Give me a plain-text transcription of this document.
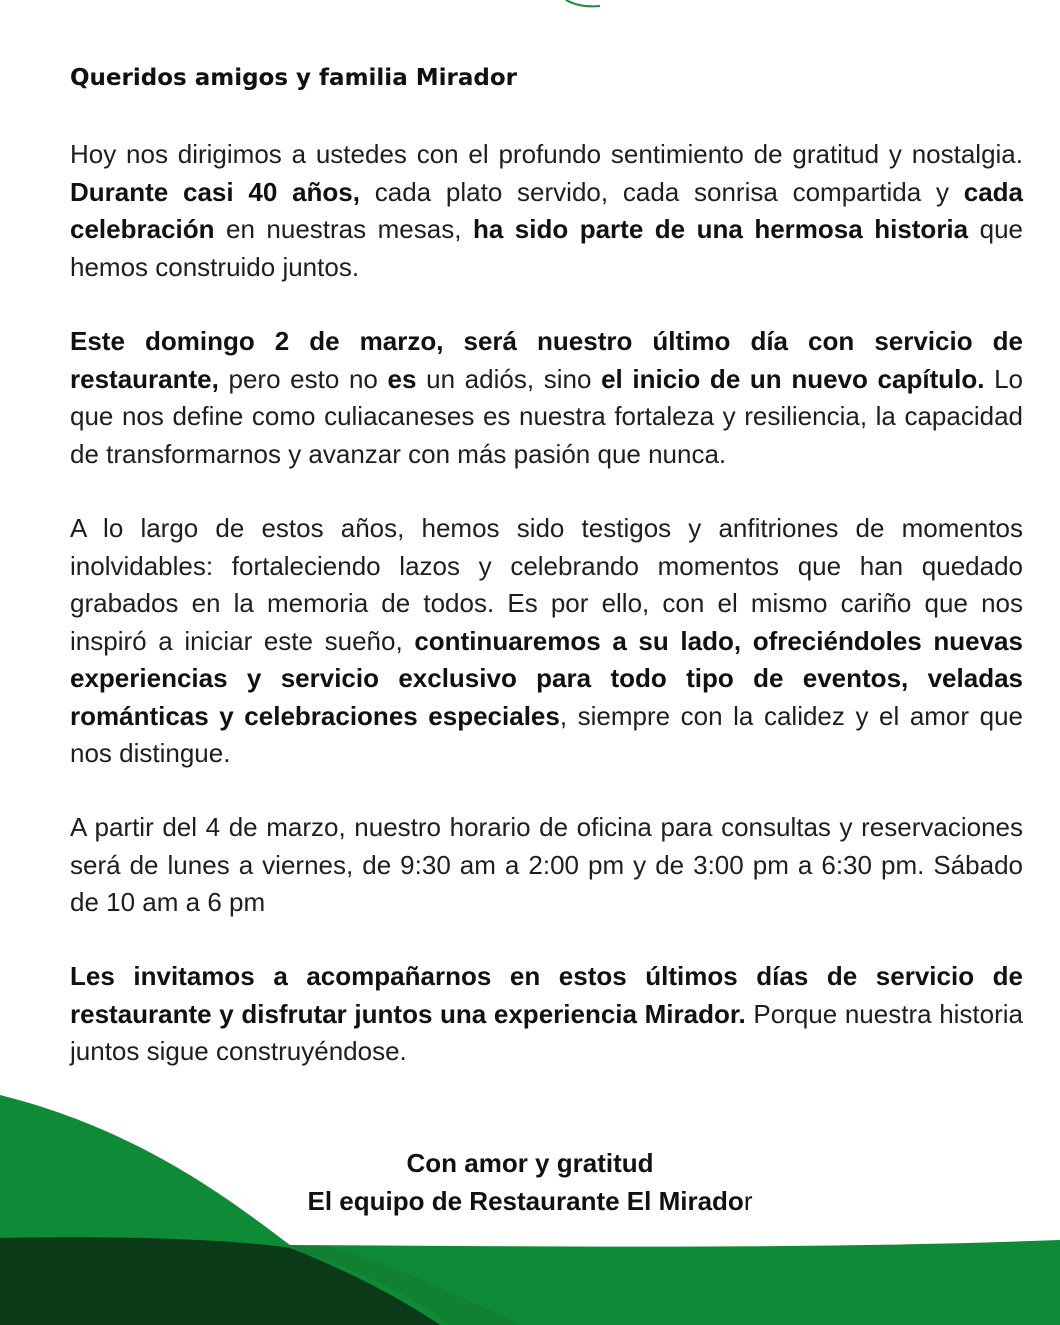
Queridos amigos y familia Mirador

Hoy nos dirigimos a ustedes con el profundo sentimiento de gratitud y nostalgia. Durante casi 40 años, cada plato servido, cada sonrisa compartida y cada celebración en nuestras mesas, ha sido parte de una hermosa historia que hemos construido juntos.

Este domingo 2 de marzo, será nuestro último día con servicio de restaurante, pero esto no es un adiós, sino el inicio de un nuevo capítulo. Lo que nos define como culiacaneses es nuestra fortaleza y resiliencia, la capacidad de transformarnos y avanzar con más pasión que nunca.

A lo largo de estos años, hemos sido testigos y anfitriones de momentos inolvidables: fortaleciendo lazos y celebrando momentos que han quedado grabados en la memoria de todos. Es por ello, con el mismo cariño que nos inspiró a iniciar este sueño, continuaremos a su lado, ofreciéndoles nuevas experiencias y servicio exclusivo para todo tipo de eventos, veladas románticas y celebraciones especiales, siempre con la calidez y el amor que nos distingue.

A partir del 4 de marzo, nuestro horario de oficina para consultas y reservaciones será de lunes a viernes, de 9:30 am a 2:00 pm y de 3:00 pm a 6:30 pm. Sábado de 10 am a 6 pm

Les invitamos a acompañarnos en estos últimos días de servicio de restaurante y disfrutar juntos una experiencia Mirador. Porque nuestra historia juntos sigue construyéndose.

Con amor y gratitud
El equipo de Restaurante El Mirador
